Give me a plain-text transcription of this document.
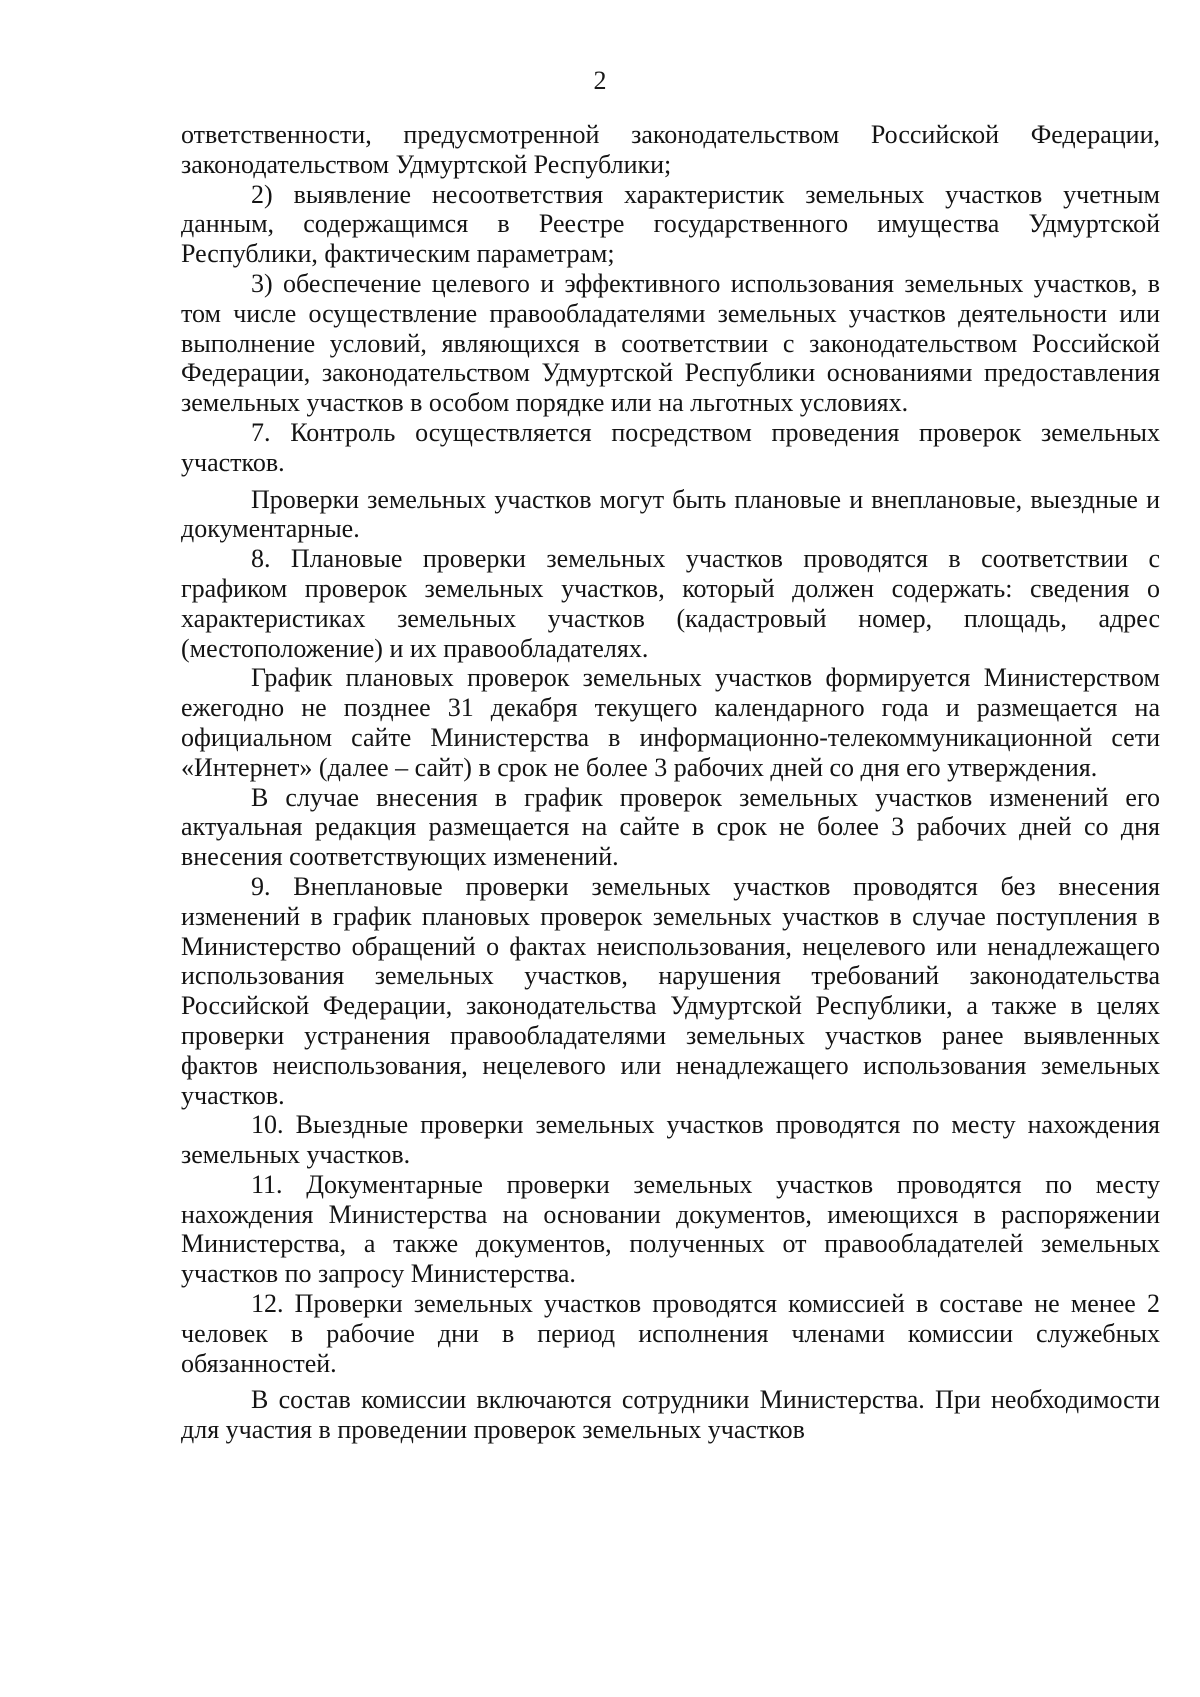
2

ответственности, предусмотренной законодательством Российской Федерации, законодательством Удмуртской Республики;

2) выявление несоответствия характеристик земельных участков учетным данным, содержащимся в Реестре государственного имущества Удмуртской Республики, фактическим параметрам;

3) обеспечение целевого и эффективного использования земельных участков, в том числе осуществление правообладателями земельных участков деятельности или выполнение условий, являющихся в соответствии с законодательством Российской Федерации, законодательством Удмуртской Республики основаниями предоставления земельных участков в особом порядке или на льготных условиях.

7. Контроль осуществляется посредством проведения проверок земельных участков.

Проверки земельных участков могут быть плановые и внеплановые, выездные и документарные.

8. Плановые проверки земельных участков проводятся в соответствии с графиком проверок земельных участков, который должен содержать: сведения о характеристиках земельных участков (кадастровый номер, площадь, адрес (местоположение) и их правообладателях.

График плановых проверок земельных участков формируется Министерством ежегодно не позднее 31 декабря текущего календарного года и размещается на официальном сайте Министерства в информационно-телекоммуникационной сети «Интернет» (далее – сайт) в срок не более 3 рабочих дней со дня его утверждения.

В случае внесения в график проверок земельных участков изменений его актуальная редакция размещается на сайте в срок не более 3 рабочих дней со дня внесения соответствующих изменений.

9. Внеплановые проверки земельных участков проводятся без внесения изменений в график плановых проверок земельных участков в случае поступления в Министерство обращений о фактах неиспользования, нецелевого или ненадлежащего использования земельных участков, нарушения требований законодательства Российской Федерации, законодательства Удмуртской Республики, а также в целях проверки устранения правообладателями земельных участков ранее выявленных фактов неиспользования, нецелевого или ненадлежащего использования земельных участков.

10. Выездные проверки земельных участков проводятся по месту нахождения земельных участков.

11. Документарные проверки земельных участков проводятся по месту нахождения Министерства на основании документов, имеющихся в распоряжении Министерства, а также документов, полученных от правообладателей земельных участков по запросу Министерства.

12. Проверки земельных участков проводятся комиссией в составе не менее 2 человек в рабочие дни в период исполнения членами комиссии служебных обязанностей.

В состав комиссии включаются сотрудники Министерства. При необходимости для участия в проведении проверок земельных участков
